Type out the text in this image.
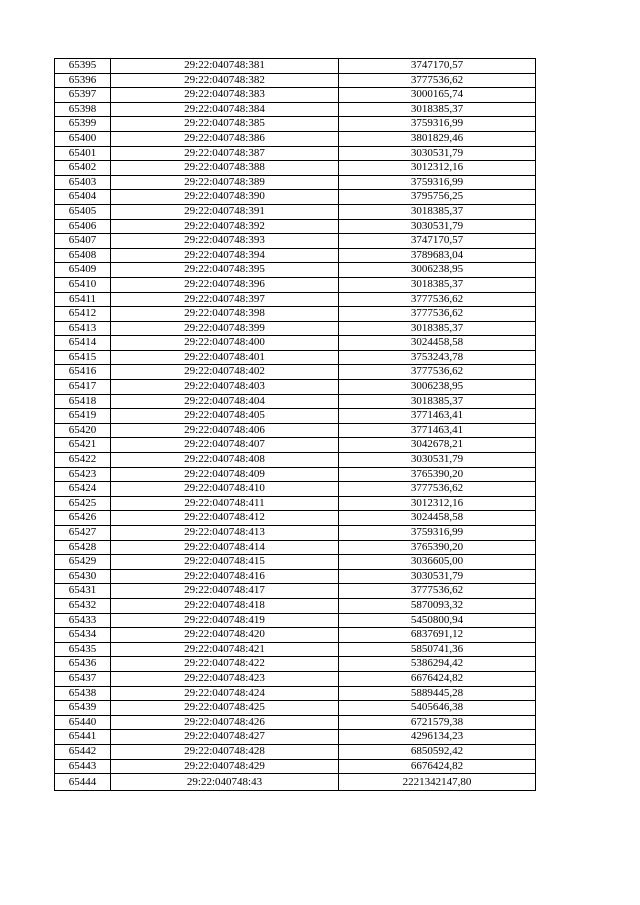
65395	29:22:040748:381	3747170,57
65396	29:22:040748:382	3777536,62
65397	29:22:040748:383	3000165,74
65398	29:22:040748:384	3018385,37
65399	29:22:040748:385	3759316,99
65400	29:22:040748:386	3801829,46
65401	29:22:040748:387	3030531,79
65402	29:22:040748:388	3012312,16
65403	29:22:040748:389	3759316,99
65404	29:22:040748:390	3795756,25
65405	29:22:040748:391	3018385,37
65406	29:22:040748:392	3030531,79
65407	29:22:040748:393	3747170,57
65408	29:22:040748:394	3789683,04
65409	29:22:040748:395	3006238,95
65410	29:22:040748:396	3018385,37
65411	29:22:040748:397	3777536,62
65412	29:22:040748:398	3777536,62
65413	29:22:040748:399	3018385,37
65414	29:22:040748:400	3024458,58
65415	29:22:040748:401	3753243,78
65416	29:22:040748:402	3777536,62
65417	29:22:040748:403	3006238,95
65418	29:22:040748:404	3018385,37
65419	29:22:040748:405	3771463,41
65420	29:22:040748:406	3771463,41
65421	29:22:040748:407	3042678,21
65422	29:22:040748:408	3030531,79
65423	29:22:040748:409	3765390,20
65424	29:22:040748:410	3777536,62
65425	29:22:040748:411	3012312,16
65426	29:22:040748:412	3024458,58
65427	29:22:040748:413	3759316,99
65428	29:22:040748:414	3765390,20
65429	29:22:040748:415	3036605,00
65430	29:22:040748:416	3030531,79
65431	29:22:040748:417	3777536,62
65432	29:22:040748:418	5870093,32
65433	29:22:040748:419	5450800,94
65434	29:22:040748:420	6837691,12
65435	29:22:040748:421	5850741,36
65436	29:22:040748:422	5386294,42
65437	29:22:040748:423	6676424,82
65438	29:22:040748:424	5889445,28
65439	29:22:040748:425	5405646,38
65440	29:22:040748:426	6721579,38
65441	29:22:040748:427	4296134,23
65442	29:22:040748:428	6850592,42
65443	29:22:040748:429	6676424,82
65444	29:22:040748:43	2221342147,80
